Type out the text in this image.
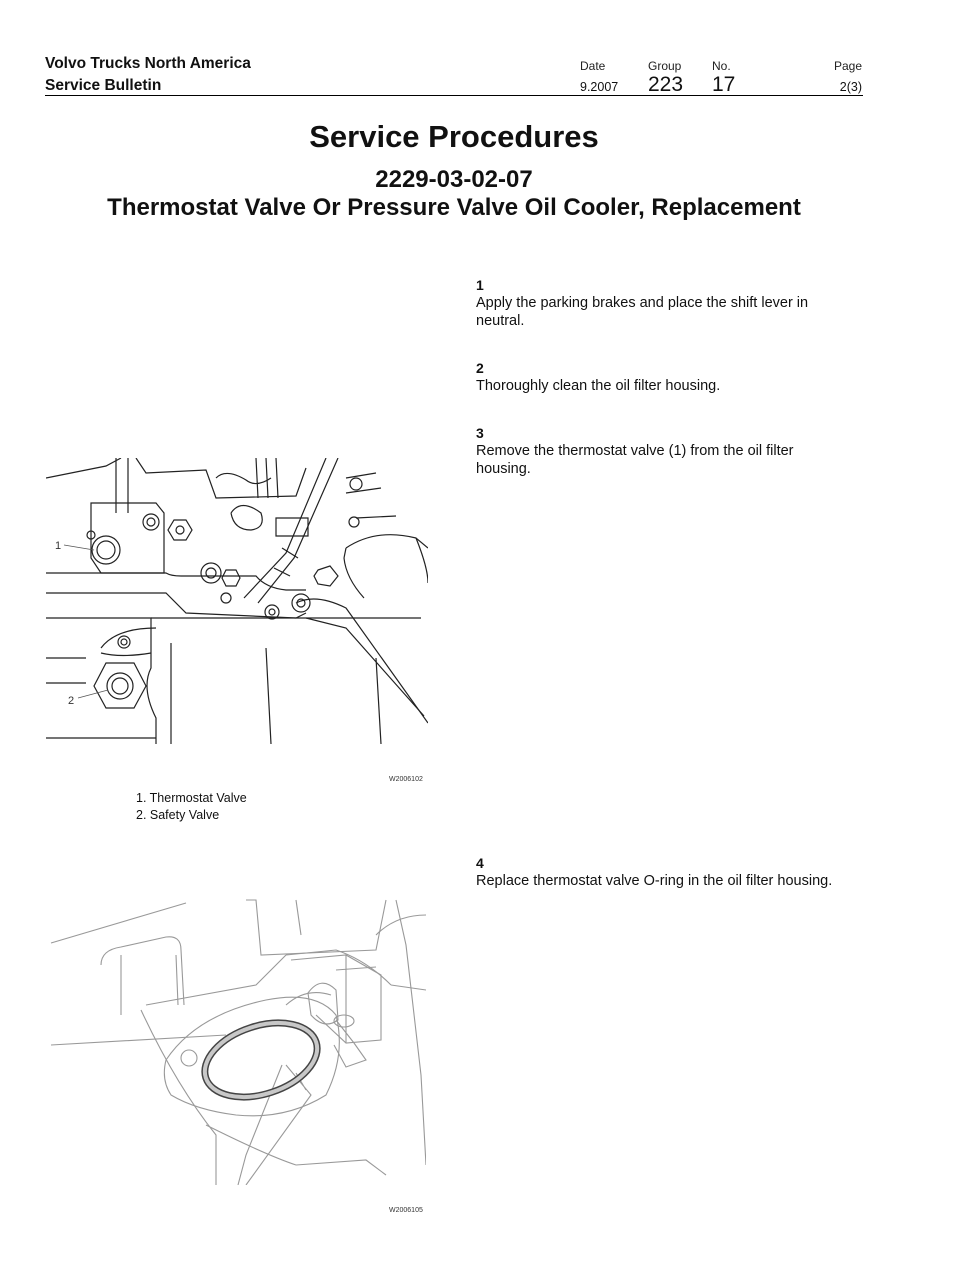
Volvo Trucks North America
Service Bulletin
Date
9.2007
Group
223
No.
17
Page
2(3)
Service Procedures
2229-03-02-07
Thermostat Valve Or Pressure Valve Oil Cooler, Replacement
1
Apply the parking brakes and place the shift lever in neutral.
2
Thoroughly clean the oil filter housing.
3
Remove the thermostat valve (1) from the oil filter housing.
4
Replace thermostat valve O-ring in the oil filter housing.
1
2
W2006102
1. Thermostat Valve
2. Safety Valve
W2006105
